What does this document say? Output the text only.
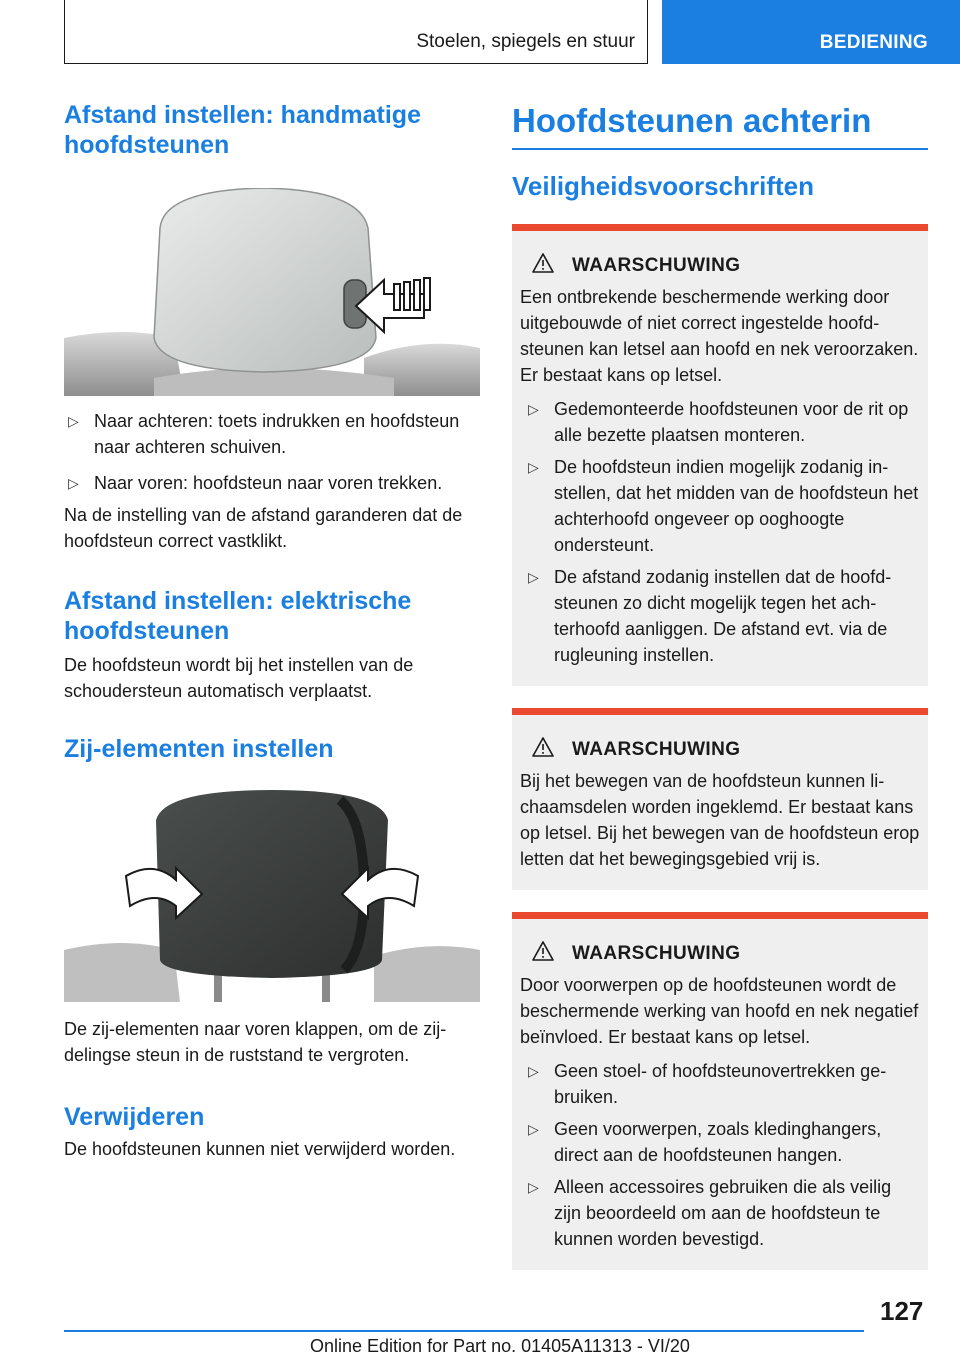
Stoelen, spiegels en stuur	BEDIENING
Afstand instellen: handmatige hoofdsteunen
▷ Naar achteren: toets indrukken en hoofdsteun naar achteren schuiven.
▷ Naar voren: hoofdsteun naar voren trekken.

Na de instelling van de afstand garanderen dat de hoofdsteun correct vastklikt.

Afstand instellen: elektrische hoofdsteunen

De hoofdsteun wordt bij het instellen van de schoudersteun automatisch verplaatst.

Zij-elementen instellen

De zij-elementen naar voren klappen, om de zijdelingse steun in de ruststand te vergroten.

Verwijderen

De hoofdsteunen kunnen niet verwijderd worden.

Hoofdsteunen achterin
Veiligheidsvoorschriften
WAARSCHUWING

Een ontbrekende beschermende werking door uitgebouwde of niet correct ingestelde hoofdsteunen kan letsel aan hoofd en nek veroorzaken. Er bestaat kans op letsel.

▷ Gedemonteerde hoofdsteunen voor de rit op alle bezette plaatsen monteren.
▷ De hoofdsteun indien mogelijk zodanig instellen, dat het midden van de hoofdsteun het achterhoofd ongeveer op ooghoogte ondersteunt.
▷ De afstand zodanig instellen dat de hoofdsteunen zo dicht mogelijk tegen het achterhoofd aanliggen. De afstand evt. via de rugleuning instellen.
WAARSCHUWING

Bij het bewegen van de hoofdsteun kunnen lichaamsdelen worden ingeklemd. Er bestaat kans op letsel. Bij het bewegen van de hoofdsteun erop letten dat het bewegingsgebied vrij is.

WAARSCHUWING

Door voorwerpen op de hoofdsteunen wordt de beschermende werking van hoofd en nek negatief beïnvloed. Er bestaat kans op letsel.

▷ Geen stoel- of hoofdsteunovertrekken gebruiken.
▷ Geen voorwerpen, zoals kledinghangers, direct aan de hoofdsteunen hangen.
▷ Alleen accessoires gebruiken die als veilig zijn beoordeeld om aan de hoofdsteun te kunnen worden bevestigd.
127
Online Edition for Part no. 01405A11313 - VI/20
